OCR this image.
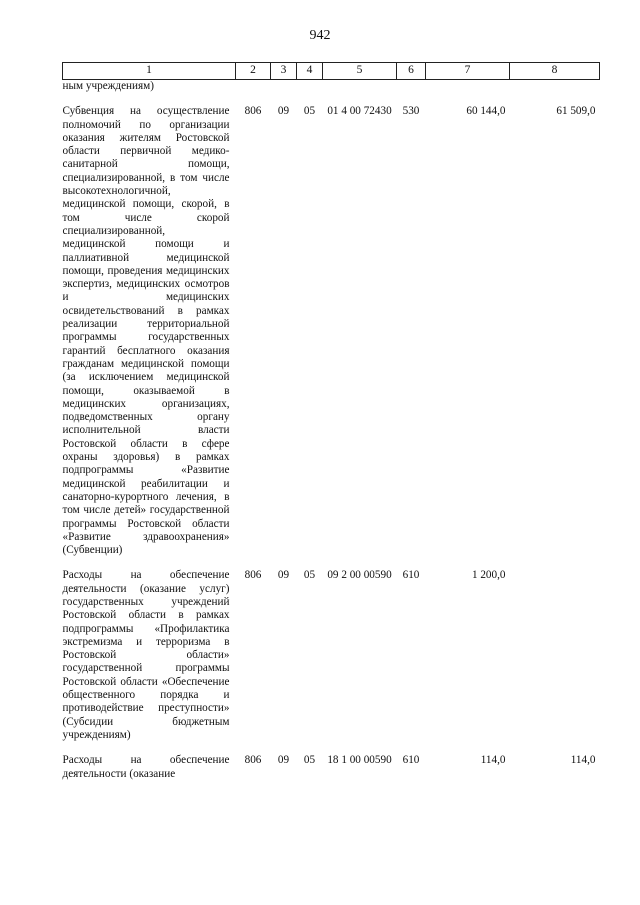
942
1	2	3	4	5	6	7	8
ным учреждениям)							
Субвенция на осуществление полномочий по организации оказания жителям Ростовской области первичной медико-санитарной помощи, специализированной, в том числе высокотехнологичной, медицинской помощи, скорой, в том числе скорой специализированной, медицинской помощи и паллиативной медицинской помощи, проведения медицинских экспертиз, медицинских осмотров и медицинских освидетельствований в рамках реализации территориальной программы государственных гарантий бесплатного оказания гражданам медицинской помощи (за исключением медицинской помощи, оказываемой в медицинских организациях, подведомственных органу исполнительной власти Ростовской области в сфере охраны здоровья) в рамках подпрограммы «Развитие медицинской реабилитации и санаторно-курортного лечения, в том числе детей» государственной программы Ростовской области «Развитие здравоохранения» (Субвенции)	806	09	05	01 4 00 72430	530	60 144,0	61 509,0
Расходы на обеспечение деятельности (оказание услуг) государственных учреждений Ростовской области в рамках подпрограммы «Профилактика экстремизма и терроризма в Ростовской области» государственной программы Ростовской области «Обеспечение общественного порядка и противодействие преступности» (Субсидии бюджетным учреждениям)	806	09	05	09 2 00 00590	610	1 200,0	
Расходы на обеспечение деятельности (оказание	806	09	05	18 1 00 00590	610	114,0	114,0
